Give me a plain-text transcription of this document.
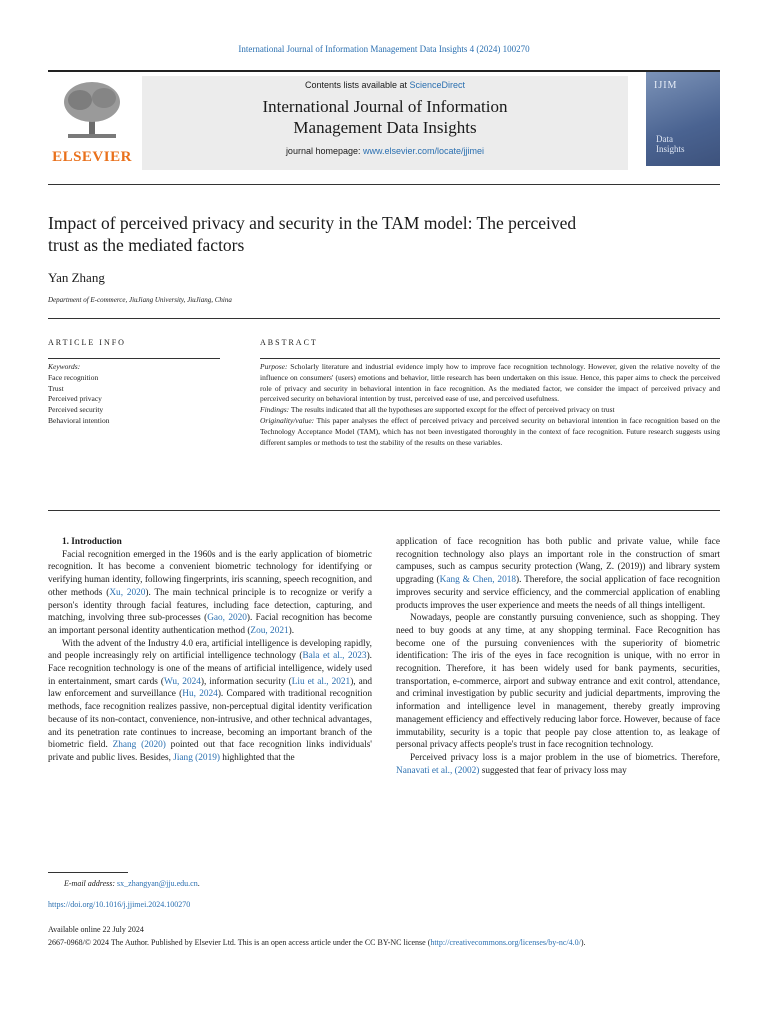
International Journal of Information Management Data Insights 4 (2024) 100270
ELSEVIER
Contents lists available at ScienceDirect
International Journal of Information
Management Data Insights
journal homepage: www.elsevier.com/locate/jjimei
IJIM
Data
Insights
Impact of perceived privacy and security in the TAM model: The perceived
trust as the mediated factors
Yan Zhang
Department of E-commerce, JiuJiang University, JiuJiang, China
ARTICLE INFO	ABSTRACT
Keywords:
Face recognition
Trust
Perceived privacy
Perceived security
Behavioral intention

Purpose: Scholarly literature and industrial evidence imply how to improve face recognition technology. However, given the relative novelty of the influence on consumers' (users) emotions and behavior, little research has been undertaken on this issue. Hence, this paper aims to check the perceived role of privacy and security in behavioral intention in face recognition. As the mediated factor, we consider the impact of perceived privacy and perceived security on behavioral intention by trust, perceived ease of use, and perceived usefulness.

Findings: The results indicated that all the hypotheses are supported except for the effect of perceived privacy on trust

Originality/value: This paper analyses the effect of perceived privacy and perceived security on behavioral intention in face recognition based on the Technology Acceptance Model (TAM), which has not been investigated thoroughly in the context of face recognition. Future research suggests using different samples or methods to test the stability of the results on these variables.

1. Introduction

Facial recognition emerged in the 1960s and is the early application of biometric recognition. It has become a convenient biometric technology for identifying or verifying human identity, following fingerprints, iris scanning, speech recognition, and other methods (Xu, 2020). The main technical principle is to recognize or verify a person's identity through facial features, including face detection, capturing, and matching, involving three sub-processes (Gao, 2020). Facial recognition has become an important personal identity authentication method (Zou, 2021).

With the advent of the Industry 4.0 era, artificial intelligence is developing rapidly, and people increasingly rely on artificial intelligence technology (Bala et al., 2023). Face recognition technology is one of the means of artificial intelligence, widely used in entertainment, smart cards (Wu, 2024), information security (Liu et al., 2021), and law enforcement and surveillance (Hu, 2024). Compared with traditional recognition methods, face recognition realizes passive, non-perceptual digital identity verification because of its non-contact, convenience, non-intrusive, and other technical advantages, and its penetration rate continues to increase, becoming an important branch of the biometric field. Zhang (2020) pointed out that face recognition links individuals' private and public lives. Besides, Jiang (2019) highlighted that the

application of face recognition has both public and private value, while face recognition technology also plays an important role in the construction of smart campuses, such as campus security protection (Wang, Z. (2019)) and library system upgrading (Kang & Chen, 2018). Therefore, the social application of face recognition improves security and service efficiency, and the commercial application of enabling products improves the user experience and meets the needs of all things intelligent.

Nowadays, people are constantly pursuing convenience, such as shopping. They need to buy goods at any time, at any shopping terminal. Face Recognition has become one of the pursuing conveniences with the superiority of biometric identification: The iris of the eyes in face recognition is unique, with no error in recognition. Therefore, it has been widely used for bank payments, securities, transportation, e-commerce, airport and subway entrance and exit control, attendance, and criminal investigation by public security and judicial departments, improving the information and intelligence level in management, thereby greatly improving management efficiency and effectively reducing labor force. However, because of face immutability, security is a topic that people pay close attention to, as leakage of personal privacy affects people's trust in face recognition technology.

Perceived privacy loss is a major problem in the use of biometrics. Therefore, Nanavati et al., (2002) suggested that fear of privacy loss may

E-mail address: sx_zhangyan@jju.edu.cn.
https://doi.org/10.1016/j.jjimei.2024.100270
Available online 22 July 2024
2667-0968/© 2024 The Author. Published by Elsevier Ltd. This is an open access article under the CC BY-NC license (http://creativecommons.org/licenses/by-nc/4.0/).
